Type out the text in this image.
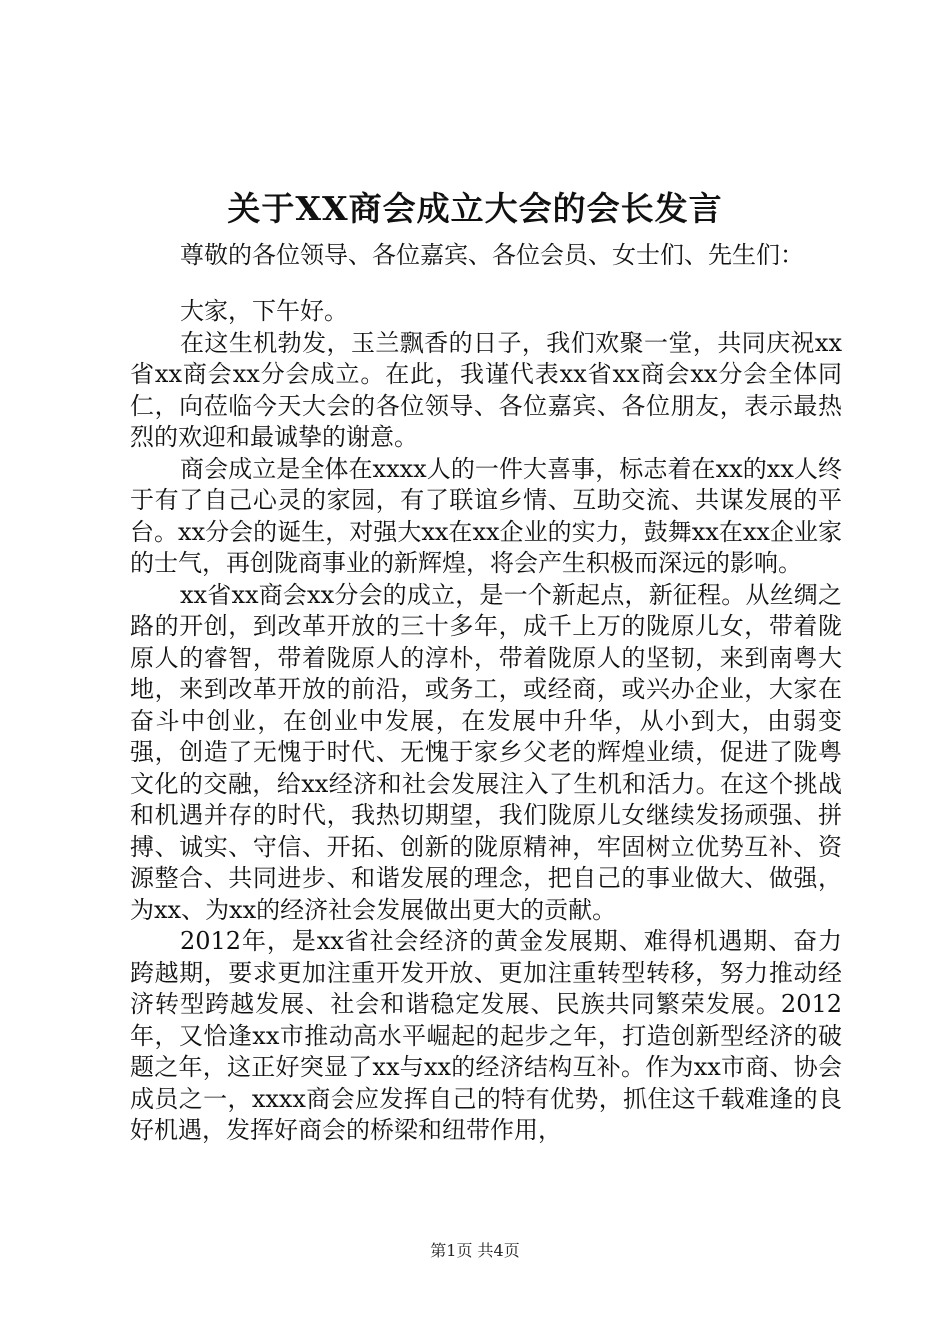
关于XX商会成立大会的会长发言
尊敬的各位领导、各位嘉宾、各位会员、女士们、先生们：

大家，下午好。

在这生机勃发，玉兰飘香的日子，我们欢聚一堂，共同庆祝xx省xx商会xx分会成立。在此，我谨代表xx省xx商会xx分会全体同仁，向莅临今天大会的各位领导、各位嘉宾、各位朋友，表示最热烈的欢迎和最诚挚的谢意。

商会成立是全体在xxxx人的一件大喜事，标志着在xx的xx人终于有了自己心灵的家园，有了联谊乡情、互助交流、共谋发展的平台。xx分会的诞生，对强大xx在xx企业的实力，鼓舞xx在xx企业家的士气，再创陇商事业的新辉煌，将会产生积极而深远的影响。

xx省xx商会xx分会的成立，是一个新起点，新征程。从丝绸之路的开创，到改革开放的三十多年，成千上万的陇原儿女，带着陇原人的睿智，带着陇原人的淳朴，带着陇原人的坚韧，来到南粤大地，来到改革开放的前沿，或务工，或经商，或兴办企业，大家在奋斗中创业，在创业中发展，在发展中升华，从小到大，由弱变强，创造了无愧于时代、无愧于家乡父老的辉煌业绩，促进了陇粤文化的交融，给xx经济和社会发展注入了生机和活力。在这个挑战和机遇并存的时代，我热切期望，我们陇原儿女继续发扬顽强、拼搏、诚实、守信、开拓、创新的陇原精神，牢固树立优势互补、资源整合、共同进步、和谐发展的理念，把自己的事业做大、做强，为xx、为xx的经济社会发展做出更大的贡献。

2012年，是xx省社会经济的黄金发展期、难得机遇期、奋力跨越期，要求更加注重开发开放、更加注重转型转移，努力推动经济转型跨越发展、社会和谐稳定发展、民族共同繁荣发展。2012年，又恰逢xx市推动高水平崛起的起步之年，打造创新型经济的破题之年，这正好突显了xx与xx的经济结构互补。作为xx市商、协会成员之一，xxxx商会应发挥自己的特有优势，抓住这千载难逢的良好机遇，发挥好商会的桥梁和纽带作用，

第1页 共4页
